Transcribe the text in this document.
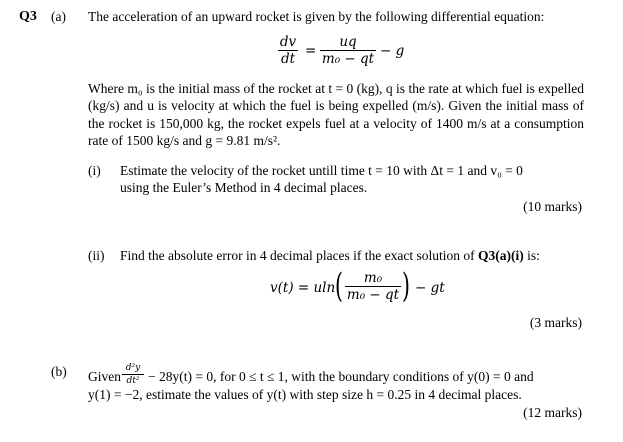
Q3 (a) The acceleration of an upward rocket is given by the following differential equation:
dv
dt =
uq
m₀ − qt − g

Where m₀ is the initial mass of the rocket at t = 0 (kg), q is the rate at which fuel is expelled (kg/s) and u is velocity at which the fuel is being expelled (m/s). Given the initial mass of the rocket is 150,000 kg, the rocket expels fuel at a velocity of 1400 m/s at a consumption rate of 1500 kg/s and g = 9.81 m/s².

(i) Estimate the velocity of the rocket untill time t = 10 with Δt = 1 and v₀ = 0
using the Euler’s Method in 4 decimal places.
(10 marks)
(ii) Find the absolute error in 4 decimal places if the exact solution of Q3(a)(i) is:
v(t) = uln (	m₀
m₀ − qt ) − gt
(3 marks)
(b) Given
d²y
dt² − 28y(t) = 0, for 0 ≤ t ≤ 1, with the boundary conditions of y(0) = 0 and
y(1) = −2, estimate the values of y(t) with step size h = 0.25 in 4 decimal places.
(12 marks)
